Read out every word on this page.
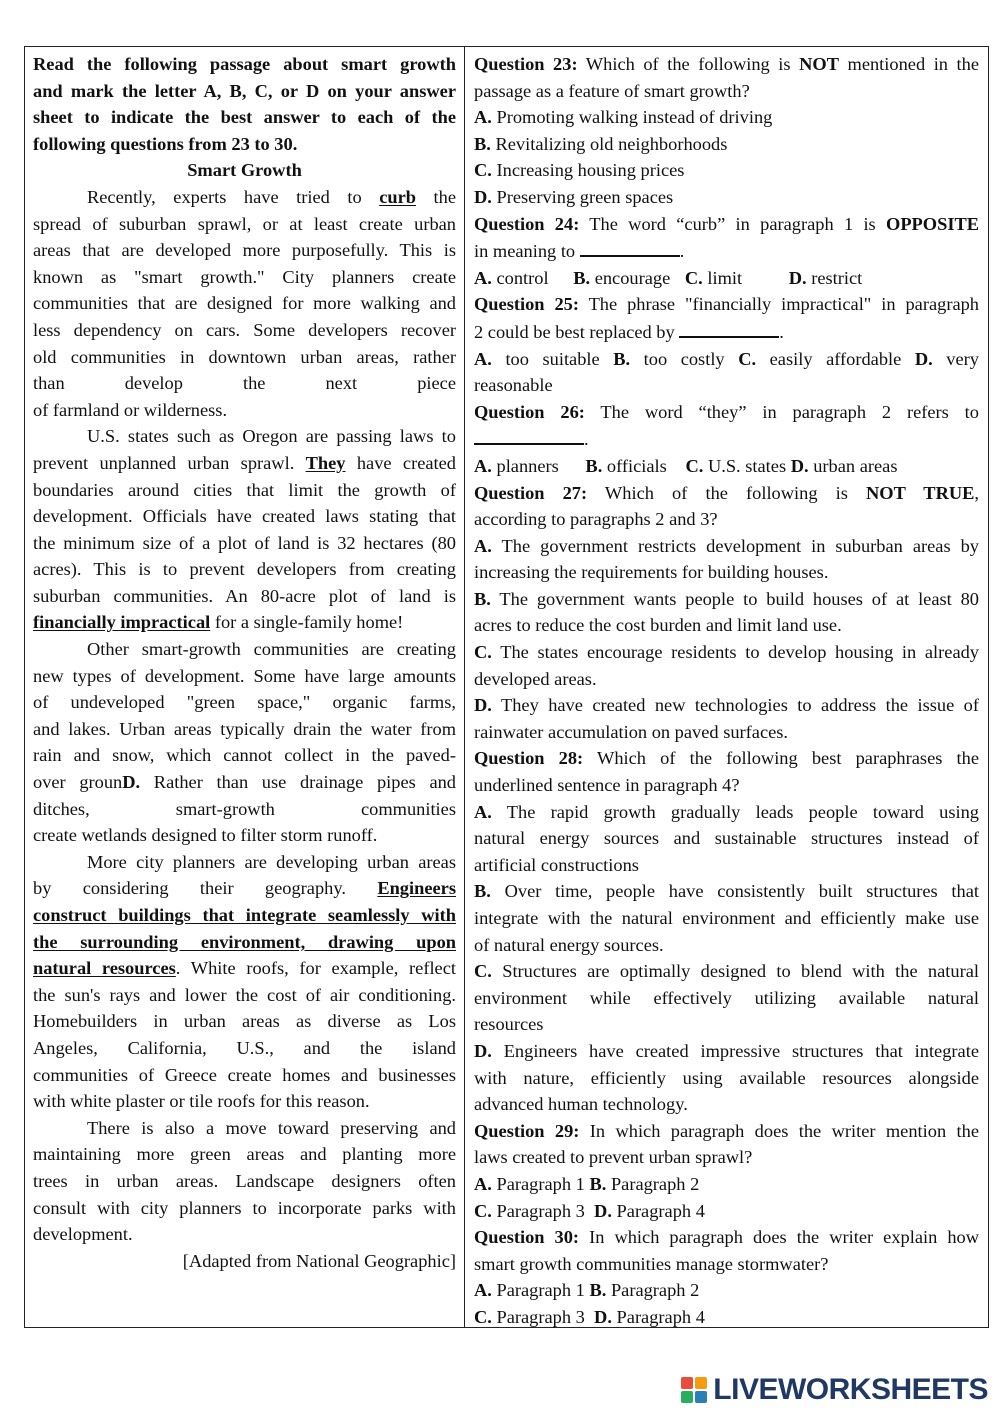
Read the following passage about smart growth
and mark the letter A, B, C, or D on your answer
sheet to indicate the best answer to each of the
following questions from 23 to 30.
Smart Growth
Recently, experts have tried to curb the
spread of suburban sprawl, or at least create urban
areas that are developed more purposefully. This is
known as "smart growth." City planners create
communities that are designed for more walking and
less dependency on cars. Some developers recover
old communities in downtown urban areas, rather
than develop the next piece
of farmland or wilderness.
U.S. states such as Oregon are passing laws to
prevent unplanned urban sprawl. They have created
boundaries around cities that limit the growth of
development. Officials have created laws stating that
the minimum size of a plot of land is 32 hectares (80
acres). This is to prevent developers from creating
suburban communities. An 80-acre plot of land is
financially impractical for a single-family home!
Other smart-growth communities are creating
new types of development. Some have large amounts
of undeveloped "green space," organic farms,
and lakes. Urban areas typically drain the water from
rain and snow, which cannot collect in the paved-
over grounD. Rather than use drainage pipes and
ditches, smart-growth communities
create wetlands designed to filter storm runoff.
More city planners are developing urban areas
by considering their geography. Engineers
construct buildings that integrate seamlessly with
the surrounding environment, drawing upon
natural resources. White roofs, for example, reflect
the sun's rays and lower the cost of air conditioning.
Homebuilders in urban areas as diverse as Los
Angeles, California, U.S., and the island
communities of Greece create homes and businesses
with white plaster or tile roofs for this reason.
There is also a move toward preserving and
maintaining more green areas and planting more
trees in urban areas. Landscape designers often
consult with city planners to incorporate parks with
development.
[Adapted from National Geographic]
Question 23: Which of the following is NOT mentioned in the
passage as a feature of smart growth?
A. Promoting walking instead of driving
B. Revitalizing old neighborhoods
C. Increasing housing prices
D. Preserving green spaces
Question 24: The word “curb” in paragraph 1 is OPPOSITE
in meaning to	.
A. control B. encourage C. limit	D. restrict
Question 25: The phrase "financially impractical" in paragraph
2 could be best replaced by	.
A. too suitable B. too costly C. easily affordable D. very
reasonable
Question 26: The word “they” in paragraph 2 refers to
.
A. planners B. officials C. U.S. states D. urban areas
Question 27: Which of the following is NOT TRUE,
according to paragraphs 2 and 3?
A. The government restricts development in suburban areas by
increasing the requirements for building houses.
B. The government wants people to build houses of at least 80
acres to reduce the cost burden and limit land use.
C. The states encourage residents to develop housing in already
developed areas.
D. They have created new technologies to address the issue of
rainwater accumulation on paved surfaces.
Question 28: Which of the following best paraphrases the
underlined sentence in paragraph 4?
A. The rapid growth gradually leads people toward using
natural energy sources and sustainable structures instead of
artificial constructions
B. Over time, people have consistently built structures that
integrate with the natural environment and efficiently make use
of natural energy sources.
C. Structures are optimally designed to blend with the natural
environment while effectively utilizing available natural
resources
D. Engineers have created impressive structures that integrate
with nature, efficiently using available resources alongside
advanced human technology.
Question 29: In which paragraph does the writer mention the
laws created to prevent urban sprawl?
A. Paragraph 1 B. Paragraph 2
C. Paragraph 3 D. Paragraph 4
Question 30: In which paragraph does the writer explain how
smart growth communities manage stormwater?
A. Paragraph 1 B. Paragraph 2
C. Paragraph 3 D. Paragraph 4
LIVEWORKSHEETS
